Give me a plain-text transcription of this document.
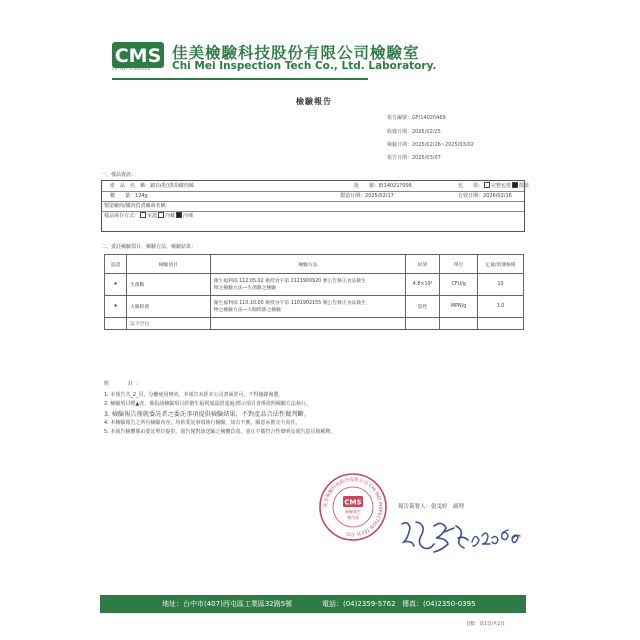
CMS
CHI MEI STANDARD
佳美檢驗科技股份有限公司檢驗室
Chi Mei Inspection Tech Co., Ltd. Laboratory.
檢驗報告
報告編號：GFI14020469
收樣日期：2025/02/25
檢驗日期：2025/02/26~2025/03/02
報告日期：2025/03/07
一、樣品資訊：
產　品　名　稱：錦衣(粉)黑胡椒肉絲	批　　號：EI14021?006	包　　裝： 完整包裝 散裝
數　　量：124g	製造日期：2025/02/17	有效日期：2026/02/16
製造廠商/國內負責廠商名稱：
樣品保存方式： 室溫 冷藏 冷凍
二、委託檢驗項目、檢驗方法、檢驗結果：
認證	檢驗項目	檢驗方法	結果	單位	定量/偵測極限
★	生菌數	衛生福利部 112.05.02 衛授食字第 1121900920 號公告修正食品微生
物之檢驗方法—生菌數之檢驗	4.8×10⁴	CFU/g	10
★	大腸桿菌	衛生福利部 110.10.00 衛授食字第 1101902155 號公告修正食品微生
物之檢驗方法—大腸桿菌之檢驗	陰性	MPN/g	3.0
	以下空白				
附　　註：
1. 本報告共_2_頁，分離使用無效。本報告未經本公司書面許可，不得摘錄複製。
2. 檢驗項目標▲者，係指該檢驗項目經衛生福利部認證通過;標示項目者係依照檢驗方法執行。
3. 檢驗報告僅就委託者之委託事項提供檢驗結果，不對產品合法性做判斷。
4. 本檢驗報告之所有檢驗內容，均依委託事項執行檢驗，如有不實，願意承擔完全責任。
5. 本報告檢體係由委託單位提供，報告僅對該送驗之檢體負責，並且不做符合性聲明及報告意見與解釋。
佳美檢驗科技股份有限公司 CHI MEI INSPECTION TECH. CO.
CMS
檢驗報告
專用章
報告簽署人：張雯婷　副理
地址：台中市(407)西屯區工業區32路5號	電話：(04)2359-5762 傳真：(04)2350-0395
頁數：第1頁/共2頁
